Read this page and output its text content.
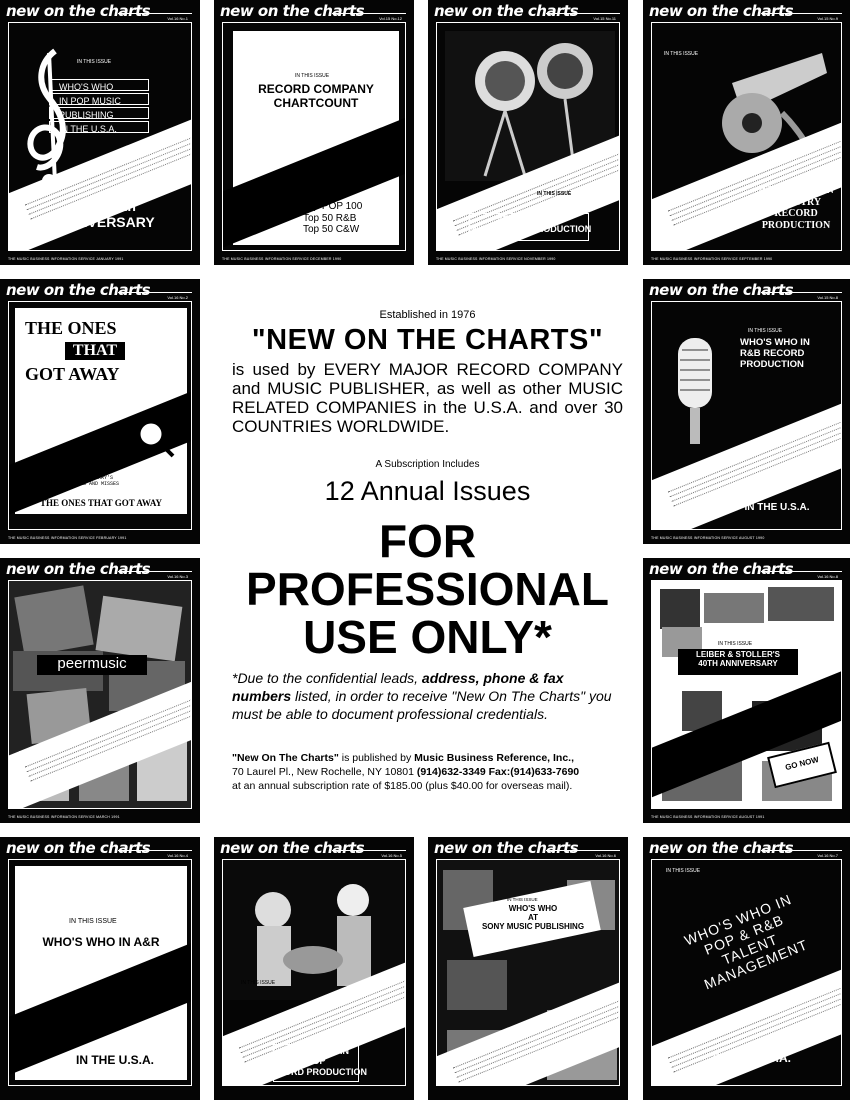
new on the charts	Vol.16 No.1
IN THIS ISSUE
WHO'S WHO
IN POP MUSIC
PUBLISHING
IN THE U.S.A.
OUR 15th
ANNIVERSARY
THE MUSIC BUSINESS INFORMATION SERVICE JANUARY 1991
new on the charts	Vol.15 No.12
IN THIS ISSUE
RECORD COMPANY
CHARTCOUNT
Top POP 100
Top 50 R&B
Top 50 C&W
THE MUSIC BUSINESS INFORMATION SERVICE DECEMBER 1990
new on the charts	Vol.15 No.11
IN THIS ISSUE
WHO'S WHO IN
MUSIC VIDEO PRODUCTION
THE MUSIC BUSINESS INFORMATION SERVICE NOVEMBER 1990
new on the charts	Vol.15 No.9
IN THIS ISSUE
WHO'S WHO IN
COUNTRY
RECORD
PRODUCTION
THE MUSIC BUSINESS INFORMATION SERVICE SEPTEMBER 1990
new on the charts	Vol.16 No.2
THE ONES
THAT
GOT AWAY
EAST PERRY'S
PICKS AND MISSES
THE ONES THAT GOT AWAY
THE MUSIC BUSINESS INFORMATION SERVICE FEBRUARY 1991
new on the charts	Vol.15 No.8
IN THIS ISSUE
WHO'S WHO IN
R&B RECORD
PRODUCTION
IN THE U.S.A.
THE MUSIC BUSINESS INFORMATION SERVICE AUGUST 1990
new on the charts	Vol.16 No.3
peermusic
THE MUSIC BUSINESS INFORMATION SERVICE MARCH 1991
new on the charts	Vol.16 No.8
IN THIS ISSUE
LEIBER & STOLLER'S
40TH ANNIVERSARY
GO NOW
THE MUSIC BUSINESS INFORMATION SERVICE AUGUST 1991
new on the charts	Vol.16 No.4
IN THIS ISSUE
WHO'S WHO IN A&R
IN THE U.S.A.
new on the charts	Vol.16 No.5
IN THIS ISSUE
WHO'S WHO IN
POP
RECORD PRODUCTION
new on the charts	Vol.16 No.6
IN THIS ISSUE
WHO'S WHO
AT
SONY MUSIC PUBLISHING
new on the charts	Vol.16 No.7
IN THIS ISSUE
WHO'S WHO IN
POP & R&B
TALENT
MANAGEMENT
IN THE U.S.A.
Established in 1976
"NEW ON THE CHARTS"
is used by EVERY MAJOR RECORD COMPANY
and MUSIC PUBLISHER, as well as other MUSIC
RELATED COMPANIES in the U.S.A. and over 30
COUNTRIES WORLDWIDE.
A Subscription Includes
12 Annual Issues
FOR
PROFESSIONAL
USE ONLY*
*Due to the confidential leads, address, phone & fax numbers listed, in order to receive "New On The Charts" you must be able to document professional credentials.
"New On The Charts" is published by Music Business Reference, Inc.,
70 Laurel Pl., New Rochelle, NY 10801 (914)632-3349 Fax:(914)633-7690
at an annual subscription rate of $185.00 (plus $40.00 for overseas mail).
